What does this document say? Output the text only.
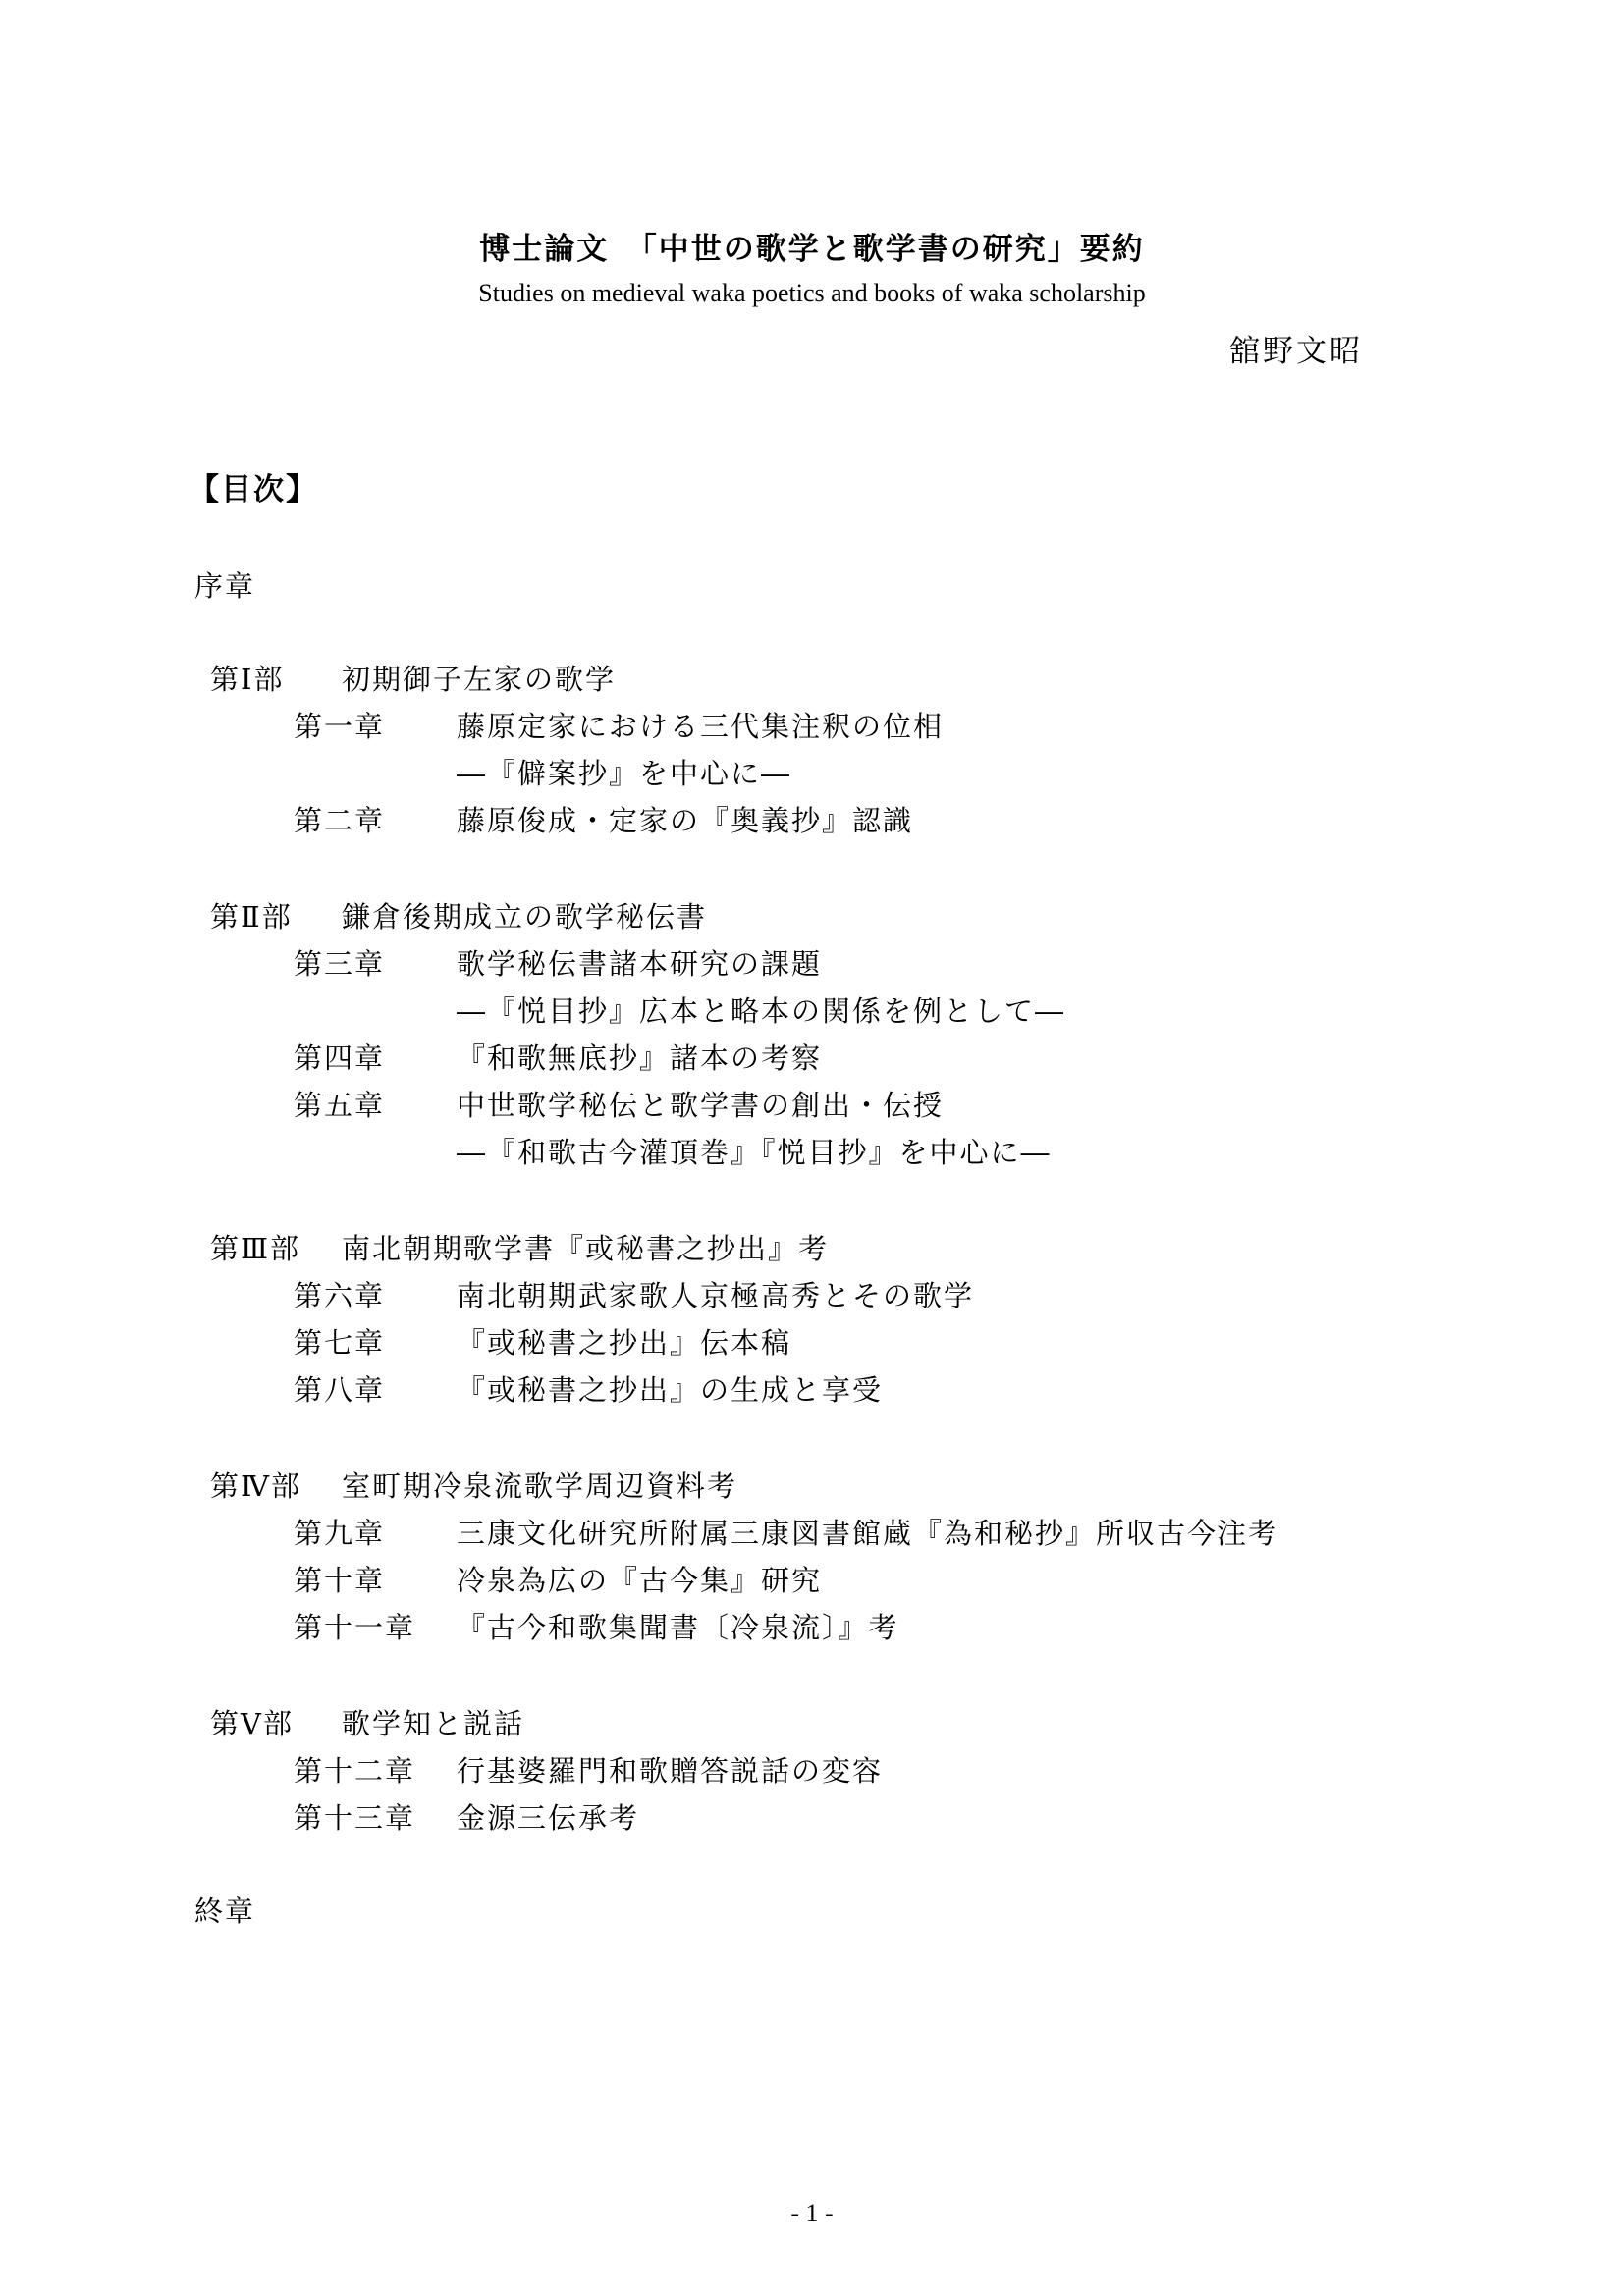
博士論文　「中世の歌学と歌学書の研究」要約
Studies on medieval waka poetics and books of waka scholarship
舘野文昭
【目次】
序章
第Ⅰ部 初期御子左家の歌学
第一章	藤原定家における三代集注釈の位相
―『僻案抄』を中心に―
第二章	藤原俊成・定家の『奥義抄』認識
第Ⅱ部 鎌倉後期成立の歌学秘伝書
第三章	歌学秘伝書諸本研究の課題
―『悦目抄』広本と略本の関係を例として―
第四章	『和歌無底抄』諸本の考察
第五章	中世歌学秘伝と歌学書の創出・伝授
―『和歌古今灌頂巻』『悦目抄』を中心に―
第Ⅲ部 南北朝期歌学書『或秘書之抄出』考
第六章	南北朝期武家歌人京極高秀とその歌学
第七章	『或秘書之抄出』伝本稿
第八章	『或秘書之抄出』の生成と享受
第Ⅳ部 室町期冷泉流歌学周辺資料考
第九章	三康文化研究所附属三康図書館蔵『為和秘抄』所収古今注考
第十章	冷泉為広の『古今集』研究
第十一章 『古今和歌集聞書〔冷泉流〕』考
第Ⅴ部 歌学知と説話
第十二章 行基婆羅門和歌贈答説話の変容
第十三章 金源三伝承考
終章
- 1 -
